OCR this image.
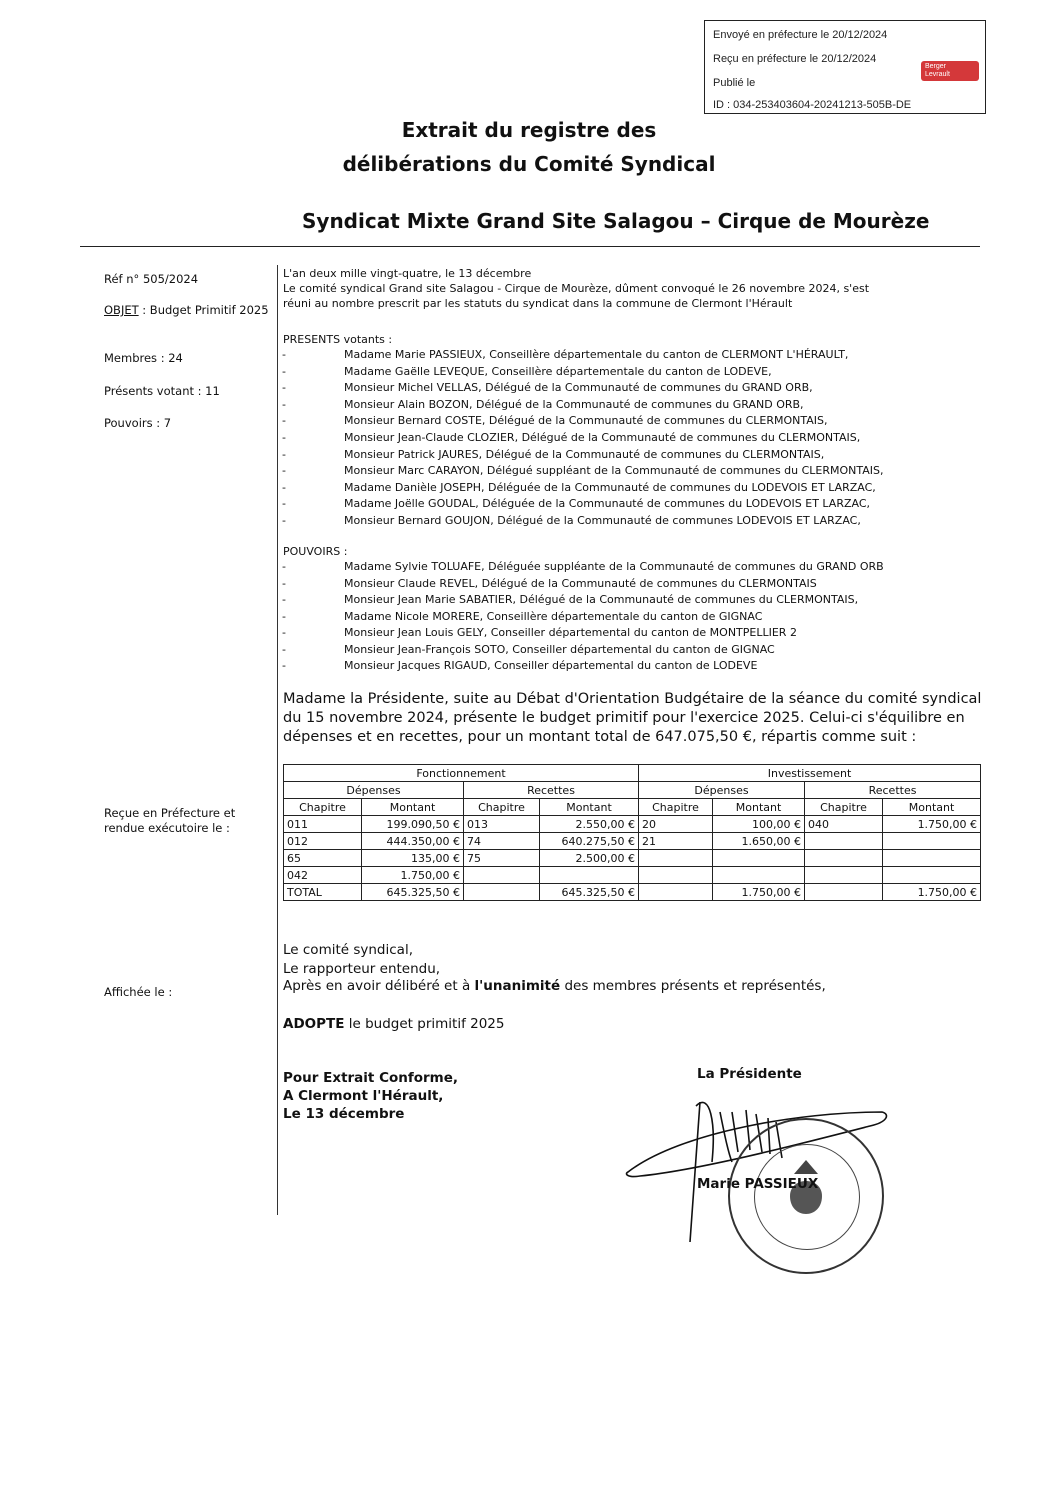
Envoyé en préfecture le 20/12/2024
Reçu en préfecture le 20/12/2024
Publié le
ID : 034-253403604-20241213-505B-DE
Berger
Levrault
Extrait du registre des
délibérations du Comité Syndical
Syndicat Mixte Grand Site Salagou – Cirque de Mourèze
Réf n° 505/2024
OBJET : Budget Primitif 2025
Membres : 24
Présents votant : 11
Pouvoirs : 7
Reçue en Préfecture et rendue exécutoire le :
Affichée le :
L'an deux mille vingt-quatre, le 13 décembre
Le comité syndical Grand site Salagou - Cirque de Mourèze, dûment convoqué le 26 novembre 2024, s'est
réuni au nombre prescrit par les statuts du syndicat dans la commune de Clermont l'Hérault
PRESENTS votants :
-	Madame Marie PASSIEUX, Conseillère départementale du canton de CLERMONT L'HÉRAULT,
-	Madame Gaëlle LEVEQUE, Conseillère départementale du canton de LODEVE,
-	Monsieur Michel VELLAS, Délégué de la Communauté de communes du GRAND ORB,
-	Monsieur Alain BOZON, Délégué de la Communauté de communes du GRAND ORB,
-	Monsieur Bernard COSTE, Délégué de la Communauté de communes du CLERMONTAIS,
-	Monsieur Jean-Claude CLOZIER, Délégué de la Communauté de communes du CLERMONTAIS,
-	Monsieur Patrick JAURES, Délégué de la Communauté de communes du CLERMONTAIS,
-	Monsieur Marc CARAYON, Délégué suppléant de la Communauté de communes du CLERMONTAIS,
-	Madame Danièle JOSEPH, Déléguée de la Communauté de communes du LODEVOIS ET LARZAC,
-	Madame Joëlle GOUDAL, Déléguée de la Communauté de communes du LODEVOIS ET LARZAC,
-	Monsieur Bernard GOUJON, Délégué de la Communauté de communes LODEVOIS ET LARZAC,
POUVOIRS :
-	Madame Sylvie TOLUAFE, Déléguée suppléante de la Communauté de communes du GRAND ORB
-	Monsieur Claude REVEL, Délégué de la Communauté de communes du CLERMONTAIS
-	Monsieur Jean Marie SABATIER, Délégué de la Communauté de communes du CLERMONTAIS,
-	Madame Nicole MORERE, Conseillère départementale du canton de GIGNAC
-	Monsieur Jean Louis GELY, Conseiller départemental du canton de MONTPELLIER 2
-	Monsieur Jean-François SOTO, Conseiller départemental du canton de GIGNAC
-	Monsieur Jacques RIGAUD, Conseiller départemental du canton de LODEVE
Madame la Présidente, suite au Débat d'Orientation Budgétaire de la séance du comité syndical du 15 novembre 2024, présente le budget primitif pour l'exercice 2025. Celui-ci s'équilibre en dépenses et en recettes, pour un montant total de 647.075,50 €, répartis comme suit :
Fonctionnement				Investissement			
Dépenses		Recettes		Dépenses		Recettes	
Chapitre	Montant	Chapitre	Montant	Chapitre	Montant	Chapitre	Montant
011	199.090,50 €	013	2.550,00 €	20	100,00 €	040	1.750,00 €
012	444.350,00 €	74	640.275,50 €	21	1.650,00 €		
65	135,00 €	75	2.500,00 €				
042	1.750,00 €						
TOTAL	645.325,50 €		645.325,50 €		1.750,00 €		1.750,00 €
Le comité syndical,
Le rapporteur entendu,
Après en avoir délibéré et à l'unanimité des membres présents et représentés,
ADOPTE le budget primitif 2025
Pour Extrait Conforme,
A Clermont l'Hérault,
Le 13 décembre
La Présidente
Marie PASSIEUX
